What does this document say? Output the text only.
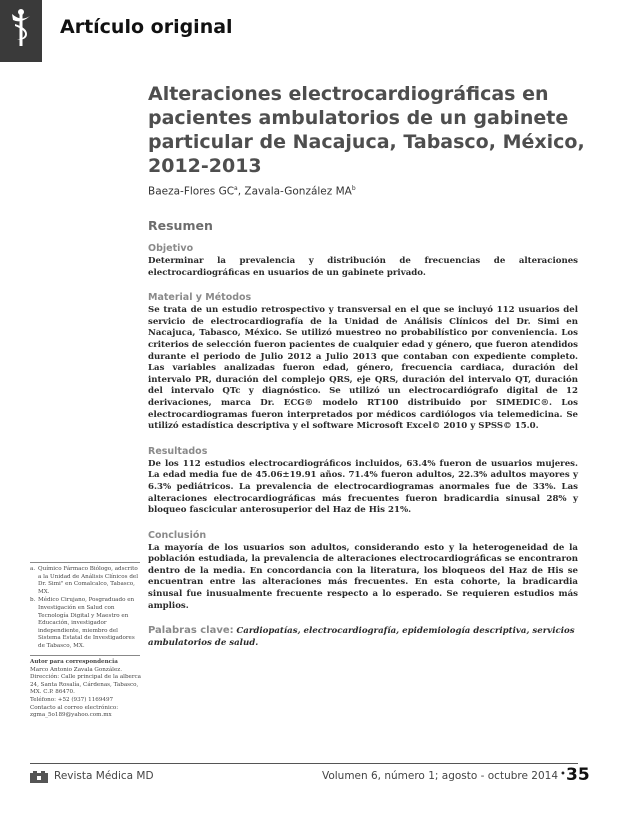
Artículo original
Alteraciones electrocardiográficas en pacientes ambulatorios de un gabinete particular de Nacajuca, Tabasco, México, 2012-2013
Baeza-Flores $GC^a$, Zavala-González $MA^b$
Resumen
Objetivo

Determinar la prevalencia y distribución de frecuencias de alteraciones electrocardiográficas en usuarios de un gabinete privado.

Material y Métodos

Se trata de un estudio retrospectivo y transversal en el que se incluyó 112 usuarios del servicio de electrocardiografía de la Unidad de Análisis Clínicos del Dr. Simi en Nacajuca, Tabasco, México. Se utilizó muestreo no probabilístico por conveniencia. Los criterios de selección fueron pacientes de cualquier edad y género, que fueron atendidos durante el periodo de Julio 2012 a Julio 2013 que contaban con expediente completo. Las variables analizadas fueron edad, género, frecuencia cardiaca, duración del intervalo PR, duración del complejo QRS, eje QRS, duración del intervalo QT, duración del intervalo QTc y diagnóstico. Se utilizó un electrocardiógrafo digital de 12 derivaciones, marca Dr. ECG® modelo RT100 distribuido por SIMEDIC®. Los electrocardiogramas fueron interpretados por médicos cardiólogos via telemedicina. Se utilizó estadística descriptiva y el software Microsoft Excel© 2010 y SPSS© 15.0.

Resultados

De los 112 estudios electrocardiográficos incluidos, 63.4% fueron de usuarios mujeres. La edad media fue de 45.06±19.91 años. 71.4% fueron adultos, 22.3% adultos mayores y 6.3% pediátricos. La prevalencia de electrocardiogramas anormales fue de 33%. Las alteraciones electrocardiográficas más frecuentes fueron bradicardia sinusal 28% y bloqueo fascicular anterosuperior del Haz de His 21%.

Conclusión

La mayoría de los usuarios son adultos, considerando esto y la heterogeneidad de la población estudiada, la prevalencia de alteraciones electrocardiográficas se encontraron dentro de la media. En concordancia con la literatura, los bloqueos del Haz de His se encuentran entre las alteraciones más frecuentes. En esta cohorte, la bradicardia sinusal fue inusualmente frecuente respecto a lo esperado. Se requieren estudios más amplios.

Palabras clave: Cardiopatías, electrocardiografía, epidemiología descriptiva, servicios ambulatorios de salud.
a. Químico Fármaco Biólogo, adscrito a la Unidad de Análisis Clínicos del Dr. Simi" en Comalcalco, Tabasco, MX.
b. Médico Cirujano, Posgraduado en Investigación en Salud con Tecnología Digital y Maestro en Educación, investigador independiente, miembro del Sistema Estatal de Investigadores de Tabasco, MX.
Autor para correspondencia
Marco Antonio Zavala González.
Dirección: Calle principal de la alberca 24, Santa Rosalía, Cárdenas, Tabasco, MX. C.P. 86470.
Teléfono: +52 (937) 1169497
Contacto al correo electrónico:
zgma_5o189@yahoo.com.mx
Revista Médica MD	Volumen 6, número 1; agosto - octubre 2014 • 35
